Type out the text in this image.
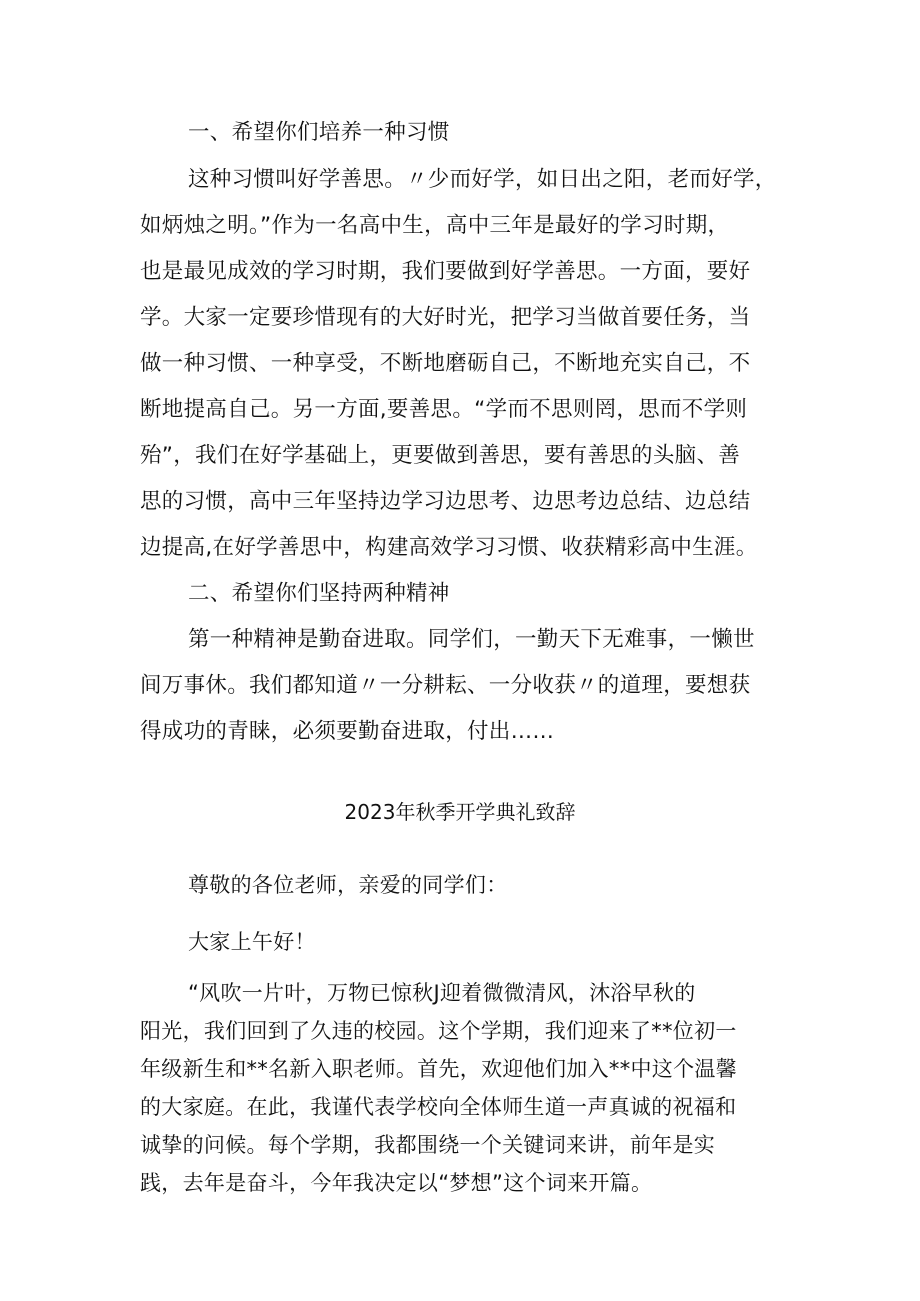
一、希望你们培养一种习惯
这种习惯叫好学善思。〃少而好学，如日出之阳，老而好学，
如炳烛之明。”作为一名高中生，高中三年是最好的学习时期，
也是最见成效的学习时期，我们要做到好学善思。一方面，要好
学。大家一定要珍惜现有的大好时光，把学习当做首要任务，当
做一种习惯、一种享受，不断地磨砺自己，不断地充实自己，不
断地提高自己。另一方面,要善思。“学而不思则罔，思而不学则
殆”，我们在好学基础上，更要做到善思，要有善思的头脑、善
思的习惯，高中三年坚持边学习边思考、边思考边总结、边总结
边提高,在好学善思中，构建高效学习习惯、收获精彩高中生涯。
二、希望你们坚持两种精神
第一种精神是勤奋进取。同学们，一勤天下无难事，一懒世
间万事休。我们都知道〃一分耕耘、一分收获〃的道理，要想获
得成功的青睐，必须要勤奋进取，付出……
2023年秋季开学典礼致辞
尊敬的各位老师，亲爱的同学们：
大家上午好！
“风吹一片叶，万物已惊秋J迎着微微清风，沐浴早秋的
阳光，我们回到了久违的校园。这个学期，我们迎来了**位初一
年级新生和**名新入职老师。首先，欢迎他们加入**中这个温馨
的大家庭。在此，我谨代表学校向全体师生道一声真诚的祝福和
诚挚的问候。每个学期，我都围绕一个关键词来讲，前年是实
践，去年是奋斗，今年我决定以“梦想”这个词来开篇。
